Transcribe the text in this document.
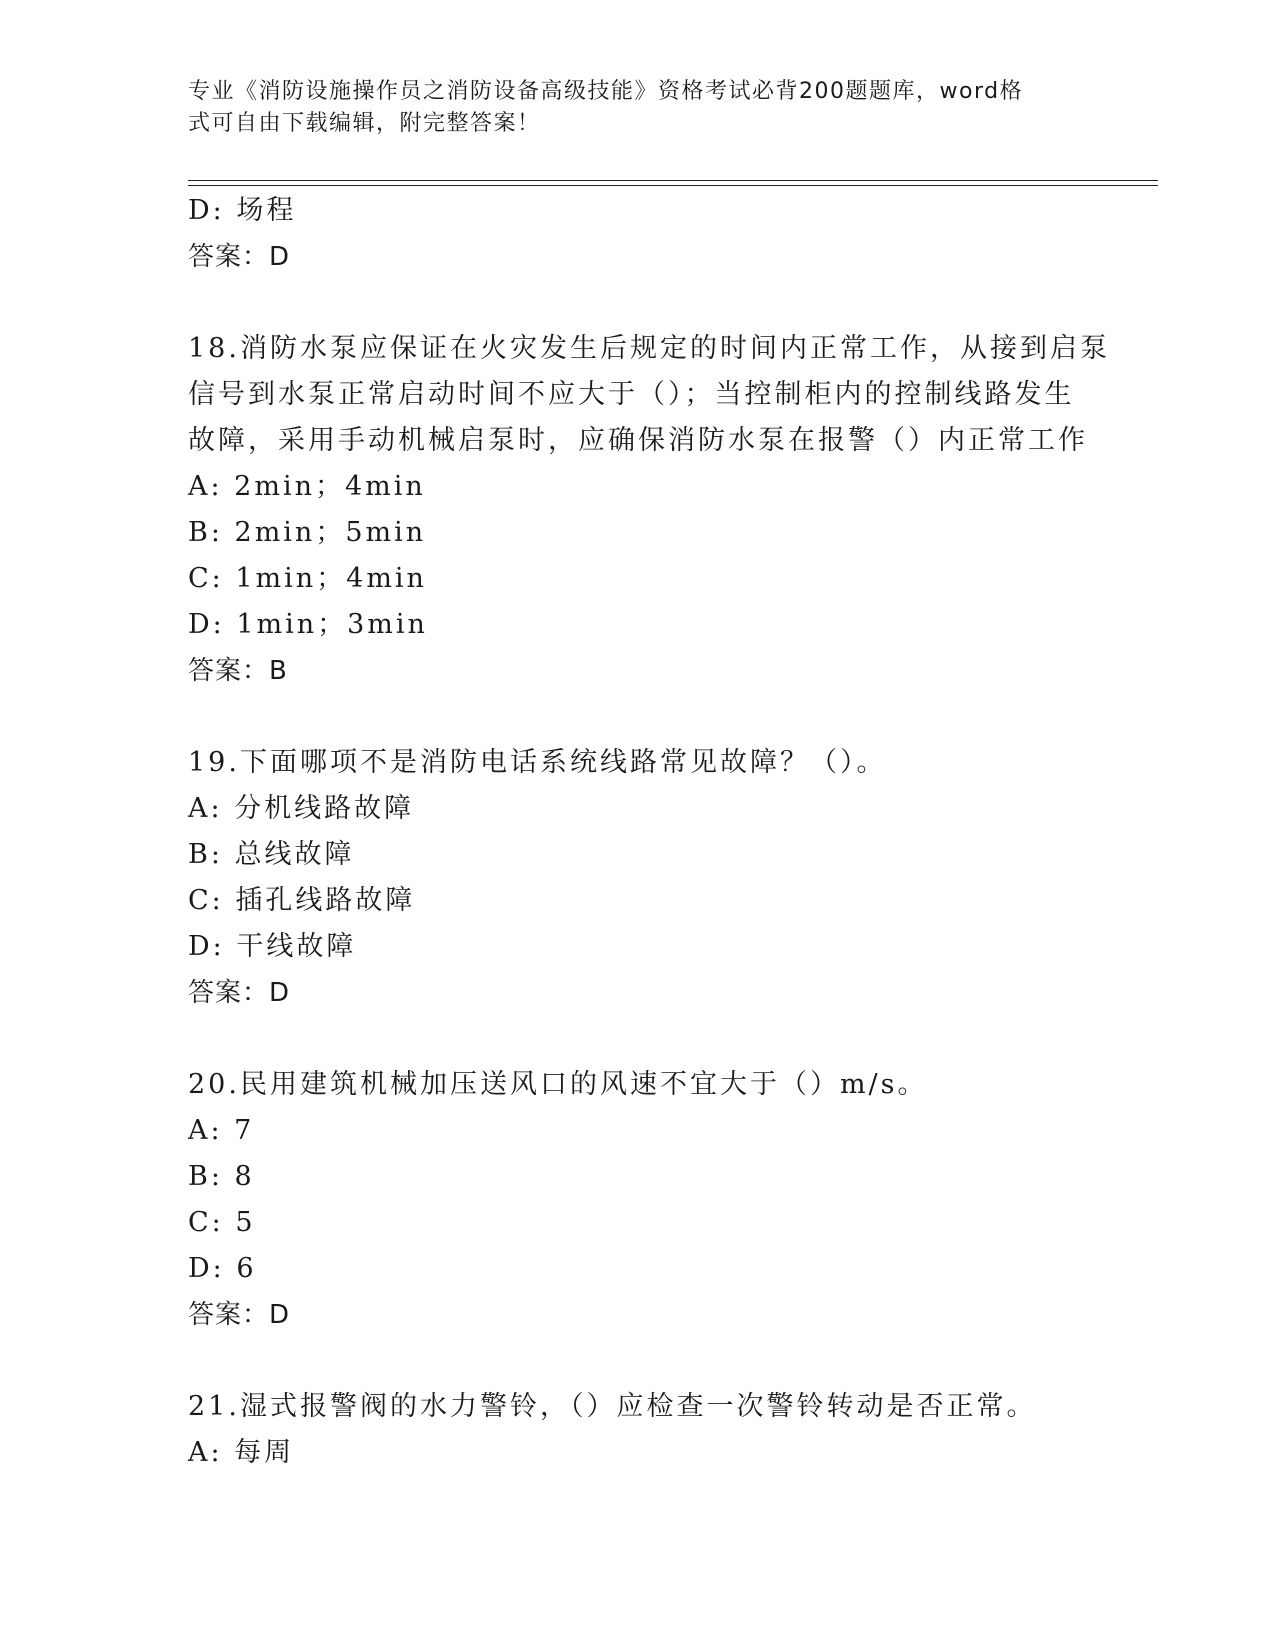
专业《消防设施操作员之消防设备高级技能》资格考试必背200题题库，word格
式可自由下载编辑，附完整答案！
D: 场程
答案：D
18.消防水泵应保证在火灾发生后规定的时间内正常工作，从接到启泵
信号到水泵正常启动时间不应大于（）；当控制柜内的控制线路发生
故障，采用手动机械启泵时，应确保消防水泵在报警（）内正常工作
A: 2min；4min
B: 2min；5min
C: 1min；4min
D: 1min；3min
答案：B
19.下面哪项不是消防电话系统线路常见故障？（）。
A: 分机线路故障
B: 总线故障
C: 插孔线路故障
D: 干线故障
答案：D
20.民用建筑机械加压送风口的风速不宜大于（）m/s。
A: 7
B: 8
C: 5
D: 6
答案：D
21.湿式报警阀的水力警铃，（）应检查一次警铃转动是否正常。
A: 每周
